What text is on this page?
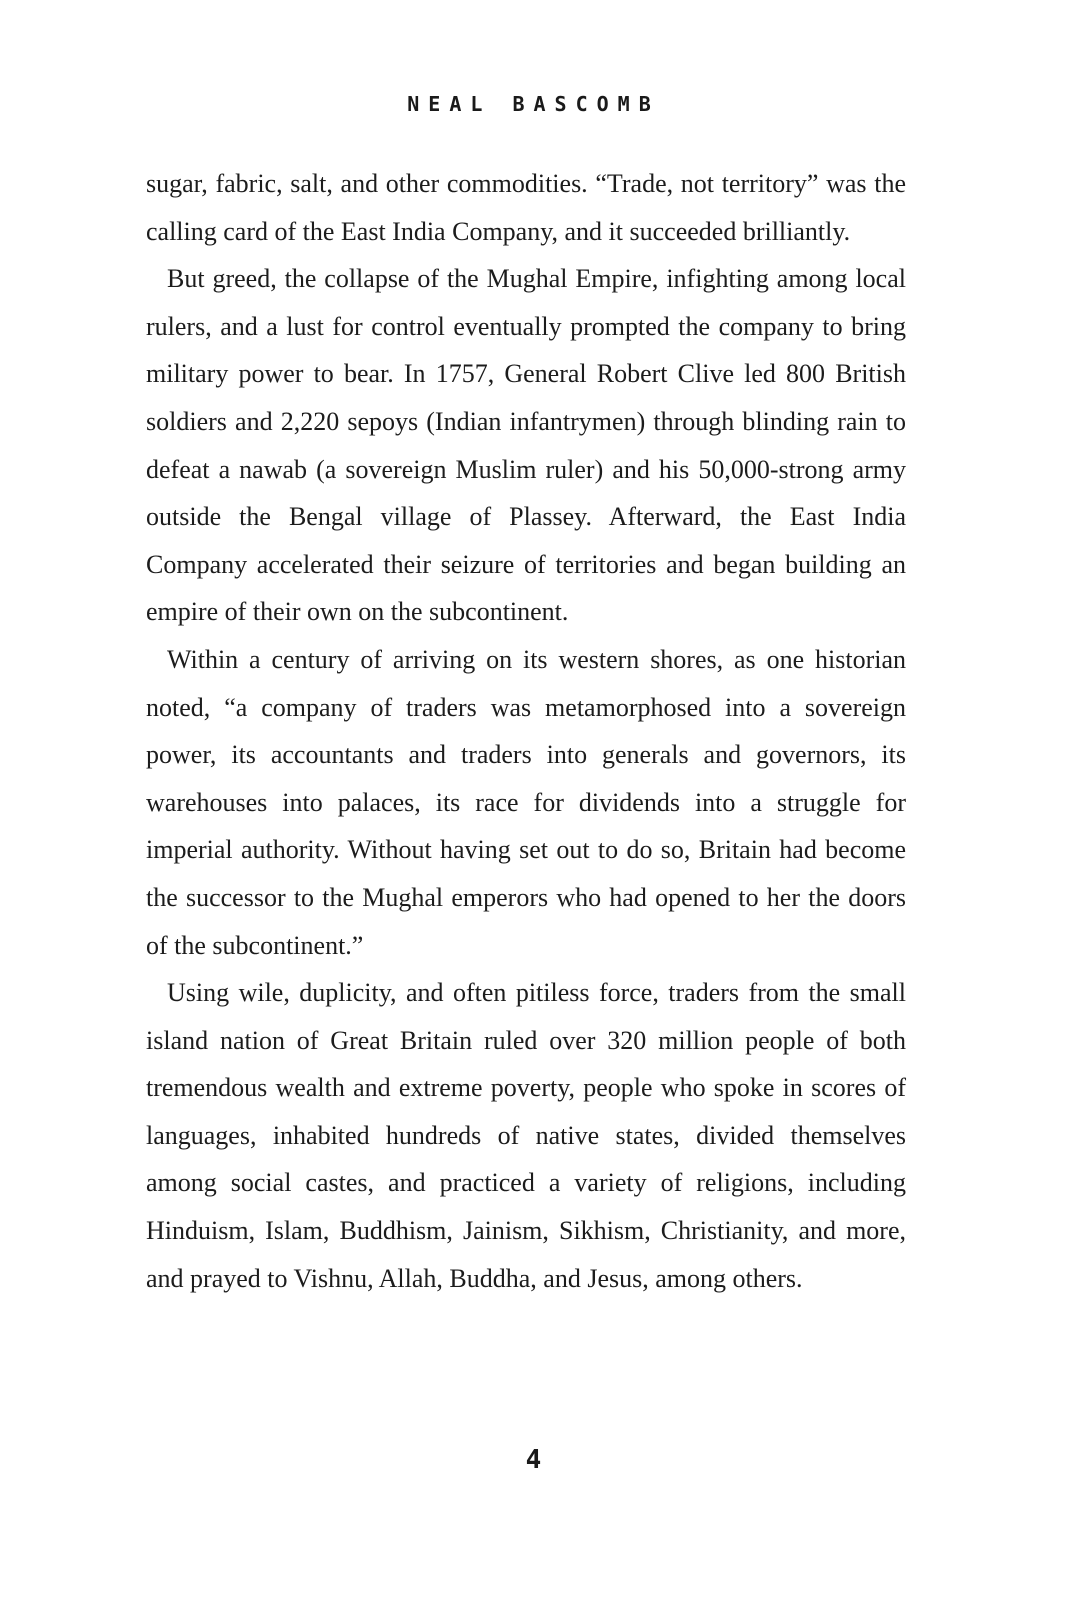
NEAL BASCOMB

sugar, fabric, salt, and other commodities. “Trade, not territory” was the calling card of the East India Company, and it succeeded brilliantly.

But greed, the collapse of the Mughal Empire, infighting among local rulers, and a lust for control eventually prompted the company to bring military power to bear. In 1757, General Robert Clive led 800 British soldiers and 2,220 sepoys (Indian infantrymen) through blinding rain to defeat a nawab (a sovereign Muslim ruler) and his 50,000-strong army outside the Bengal village of Plassey. Afterward, the East India Company accelerated their seizure of territories and began building an empire of their own on the subcontinent.

Within a century of arriving on its western shores, as one historian noted, “a company of traders was metamorphosed into a sovereign power, its accountants and traders into generals and governors, its warehouses into palaces, its race for dividends into a struggle for imperial authority. Without having set out to do so, Britain had become the successor to the Mughal emperors who had opened to her the doors of the subcontinent.”

Using wile, duplicity, and often pitiless force, traders from the small island nation of Great Britain ruled over 320 million people of both tremendous wealth and extreme poverty, people who spoke in scores of languages, inhabited hundreds of native states, divided themselves among social castes, and practiced a variety of religions, including Hinduism, Islam, Buddhism, Jainism, Sikhism, Christianity, and more, and prayed to Vishnu, Allah, Buddha, and Jesus, among others.

4
